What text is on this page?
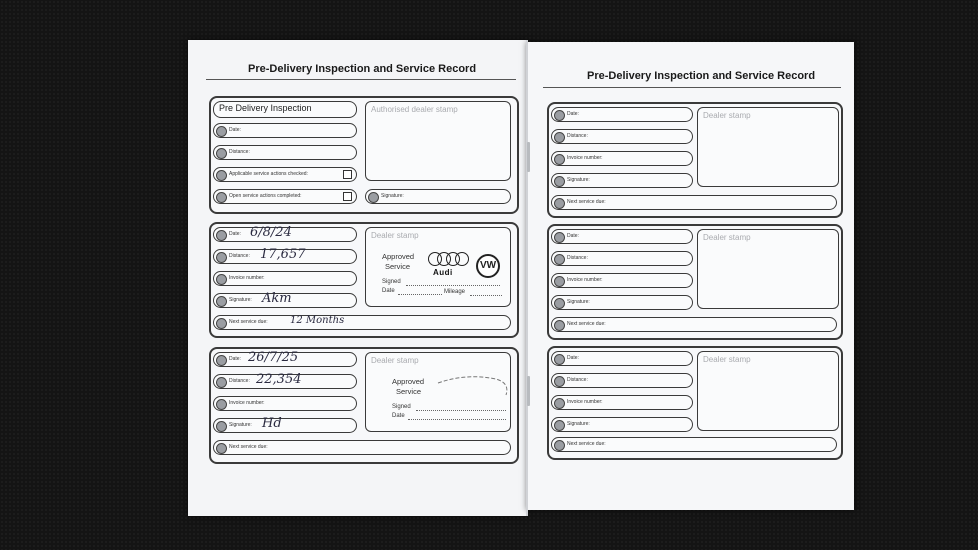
Pre-Delivery Inspection and Service Record
Pre Delivery Inspection
Date:
Distance:
Applicable service actions checked:
Open service actions completed:
Authorised dealer stamp
Signature:
Date: 6/8/24
Distance: 17,657
Invoice number:
Signature: Akm
Next service due: 12 Months
Dealer stamp
Approved
Service
Audi
VW
Signed
Date	Mileage
Date: 26/7/25
Distance: 22,354
Invoice number:
Signature: Hd
Next service due:
Dealer stamp
Approved
Service
Signed
Date
Pre-Delivery Inspection and Service Record
Date:
Distance:
Invoice number:
Signature:
Next service due:
Dealer stamp
Date:
Distance:
Invoice number:
Signature:
Next service due:
Dealer stamp
Date:
Distance:
Invoice number:
Signature:
Next service due:
Dealer stamp
